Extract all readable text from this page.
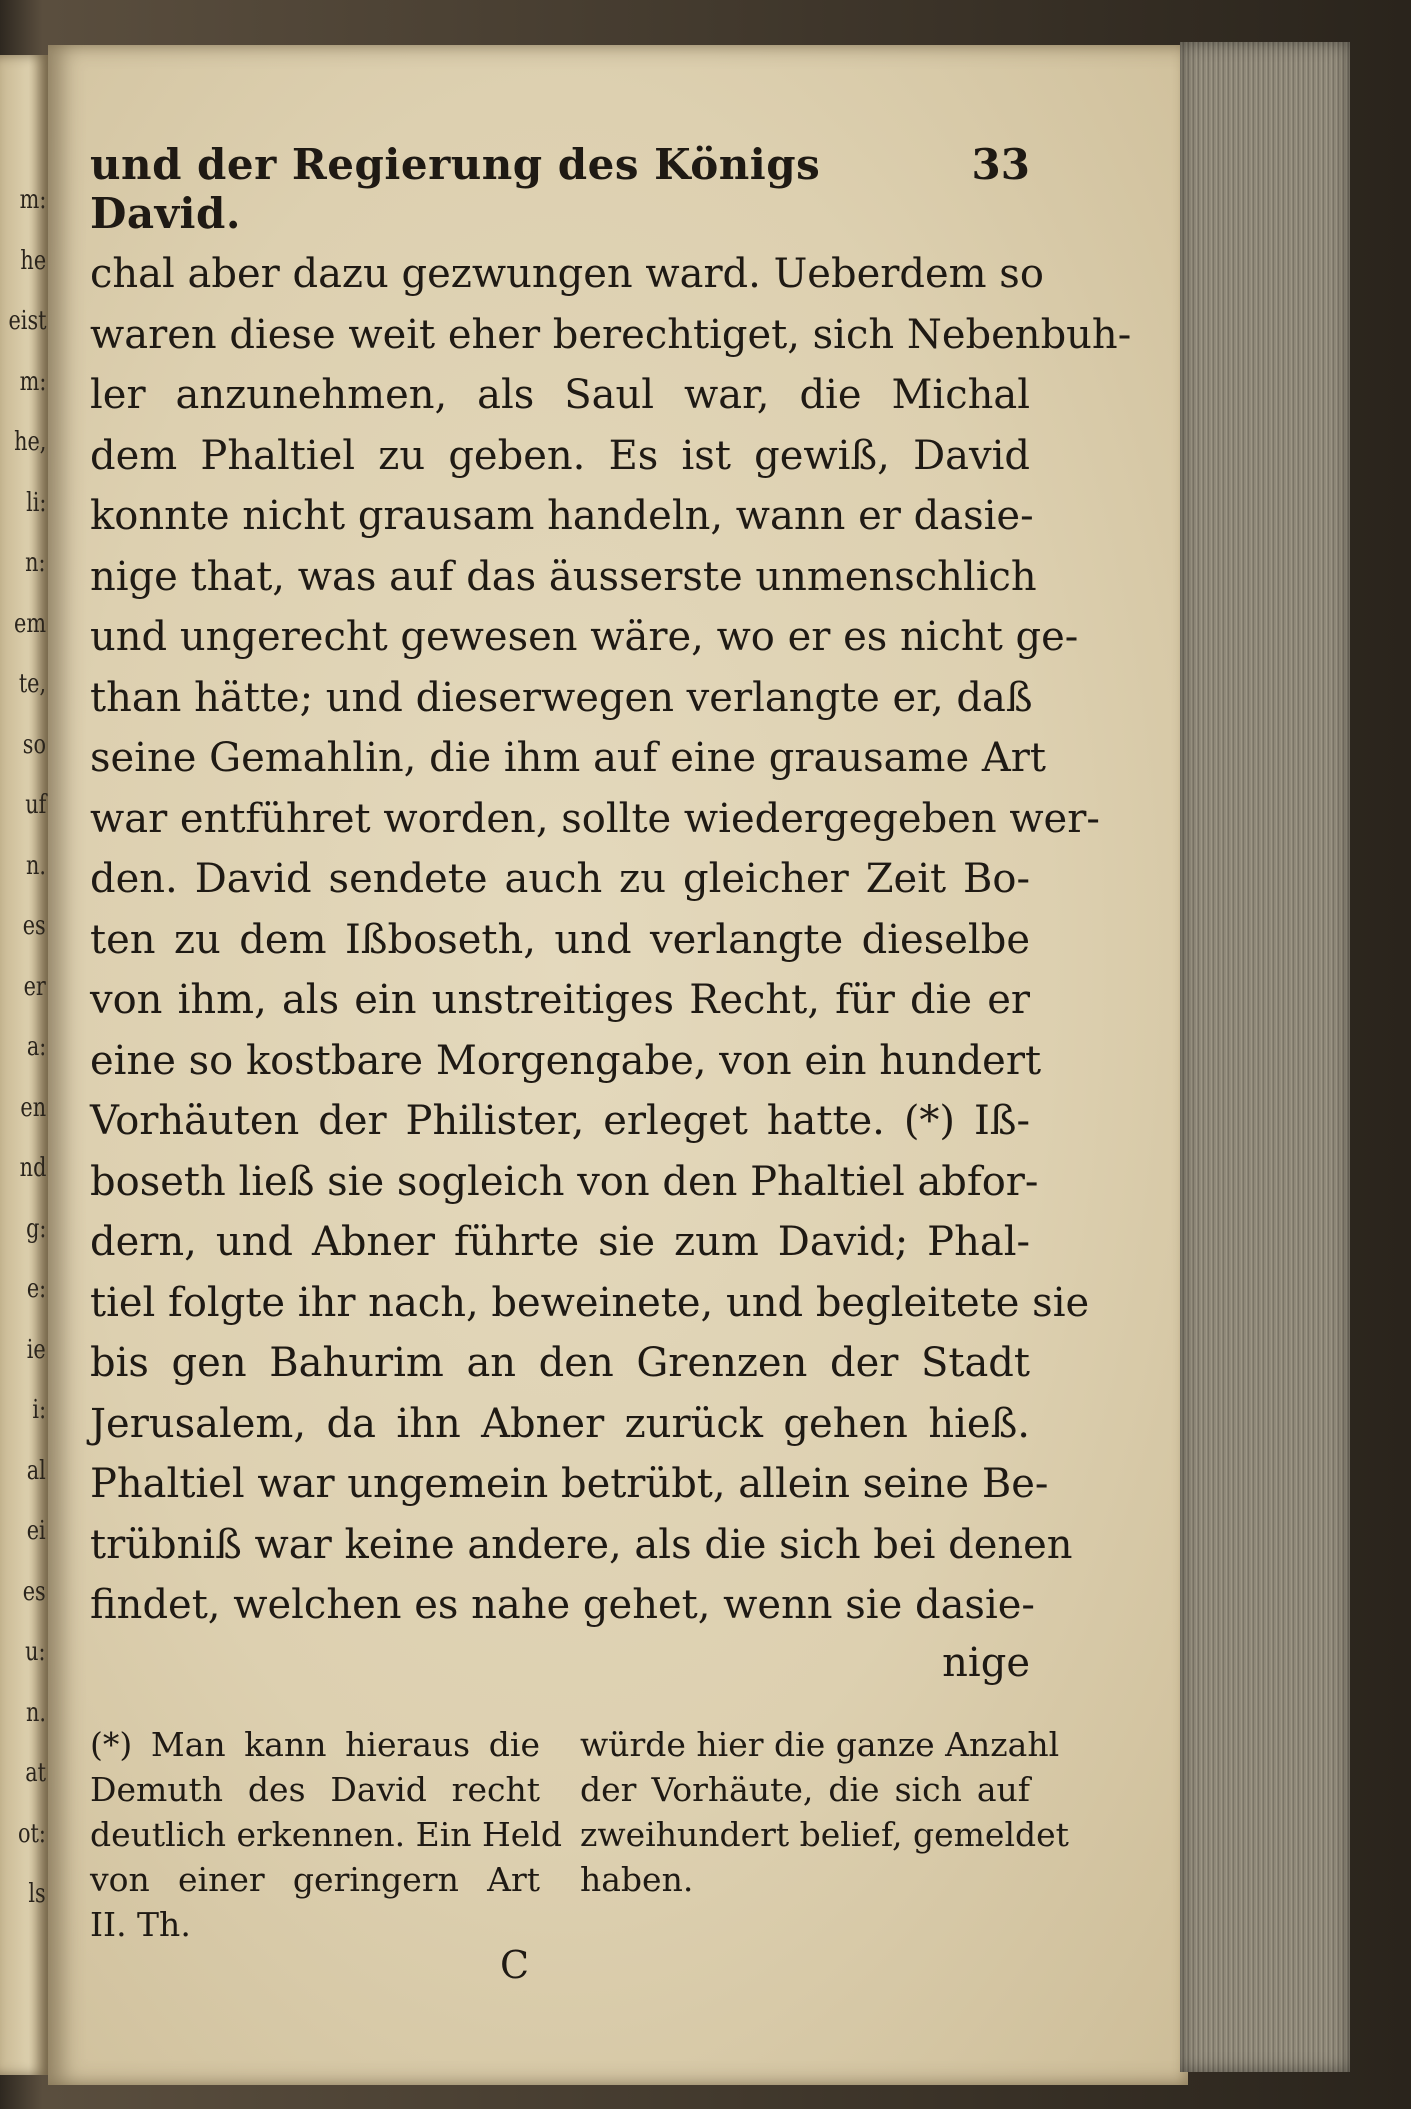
m:
he
eist
m:
he,
li:
n:
em
te,
so
uf
n.
es
er
a:
en
nd
g:
e:
ie
i:
al
ei
es
u:
n.
at
ot:
ls
und der Regierung des Königs David.
33
chal aber dazu gezwungen ward. Ueberdem so
waren diese weit eher berechtiget, sich Nebenbuh-
ler anzunehmen, als Saul war, die Michal
dem Phaltiel zu geben. Es ist gewiß, David
konnte nicht grausam handeln, wann er dasie-
nige that, was auf das äusserste unmenschlich
und ungerecht gewesen wäre, wo er es nicht ge-
than hätte; und dieserwegen verlangte er, daß
seine Gemahlin, die ihm auf eine grausame Art
war entführet worden, sollte wiedergegeben wer-
den. David sendete auch zu gleicher Zeit Bo-
ten zu dem Ißboseth, und verlangte dieselbe
von ihm, als ein unstreitiges Recht, für die er
eine so kostbare Morgengabe, von ein hundert
Vorhäuten der Philister, erleget hatte. (*) Iß-
boseth ließ sie sogleich von den Phaltiel abfor-
dern, und Abner führte sie zum David; Phal-
tiel folgte ihr nach, beweinete, und begleitete sie
bis gen Bahurim an den Grenzen der Stadt
Jerusalem, da ihn Abner zurück gehen hieß.
Phaltiel war ungemein betrübt, allein seine Be-
trübniß war keine andere, als die sich bei denen
findet, welchen es nahe gehet, wenn sie dasie-
nige
(*) Man kann hieraus die
Demuth des David recht
deutlich erkennen. Ein Held
von einer geringern Art
II. Th.
würde hier die ganze Anzahl
der Vorhäute, die sich auf
zweihundert belief, gemeldet
haben.
C
